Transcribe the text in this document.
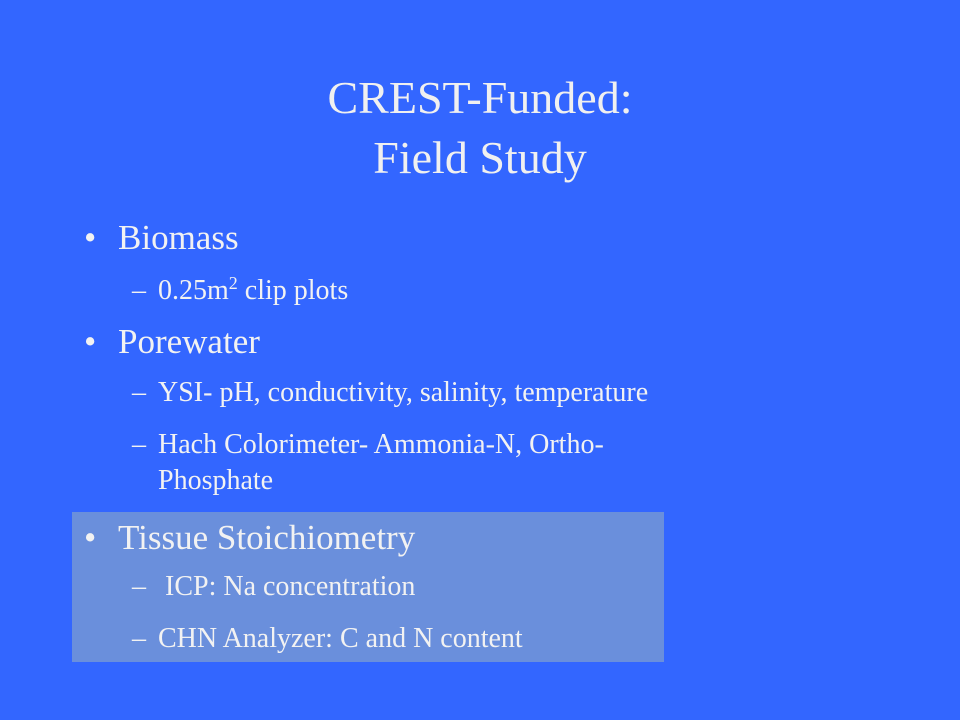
CREST-Funded:
Field Study
• Biomass
– $0.25m^2$ clip plots
• Porewater
– YSI- pH, conductivity, salinity, temperature
– Hach Colorimeter- Ammonia-N, Ortho-
Phosphate
• Tissue Stoichiometry
– ICP: Na concentration
– CHN Analyzer: C and N content
